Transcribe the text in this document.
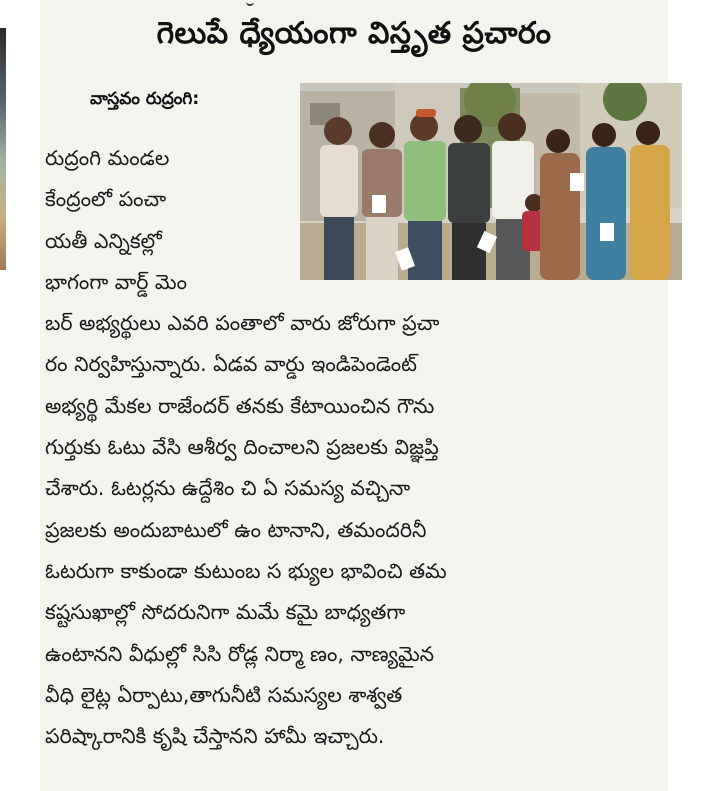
గెలుపే ధ్యేయంగా విస్తృత ప్రచారం
వాస్తవం రుద్రంగి:
రుద్రంగి మండల
కేంద్రంలో పంచా
యతీ ఎన్నికల్లో
భాగంగా వార్డ్ మెం
బర్ అభ్యర్థులు ఎవరి పంతాలో వారు జోరుగా ప్రచా
రం నిర్వహిస్తున్నారు. ఏడవ వార్డు ఇండిపెండెంట్
అభ్యర్థి మేకల రాజేందర్ తనకు కేటాయించిన గౌను
గుర్తుకు ఓటు వేసి ఆశీర్వ దించాలని ప్రజలకు విజ్ఞప్తి
చేశారు. ఓటర్లను ఉద్దేశిం చి ఏ సమస్య వచ్చినా
ప్రజలకు అందుబాటులో ఉం టానాని, తమందరినీ
ఓటరుగా కాకుండా కుటుంబ స భ్యుల భావించి తమ
కష్టసుఖాల్లో సోదరునిగా మమే కమై బాధ్యతగా
ఉంటానని వీధుల్లో సిసి రోడ్ల నిర్మా ణం, నాణ్యమైన
వీధి లైట్ల ఏర్పాటు,తాగునీటి సమస్యల శాశ్వత
పరిష్కారానికి కృషి చేస్తానని హామీ ఇచ్చారు.
